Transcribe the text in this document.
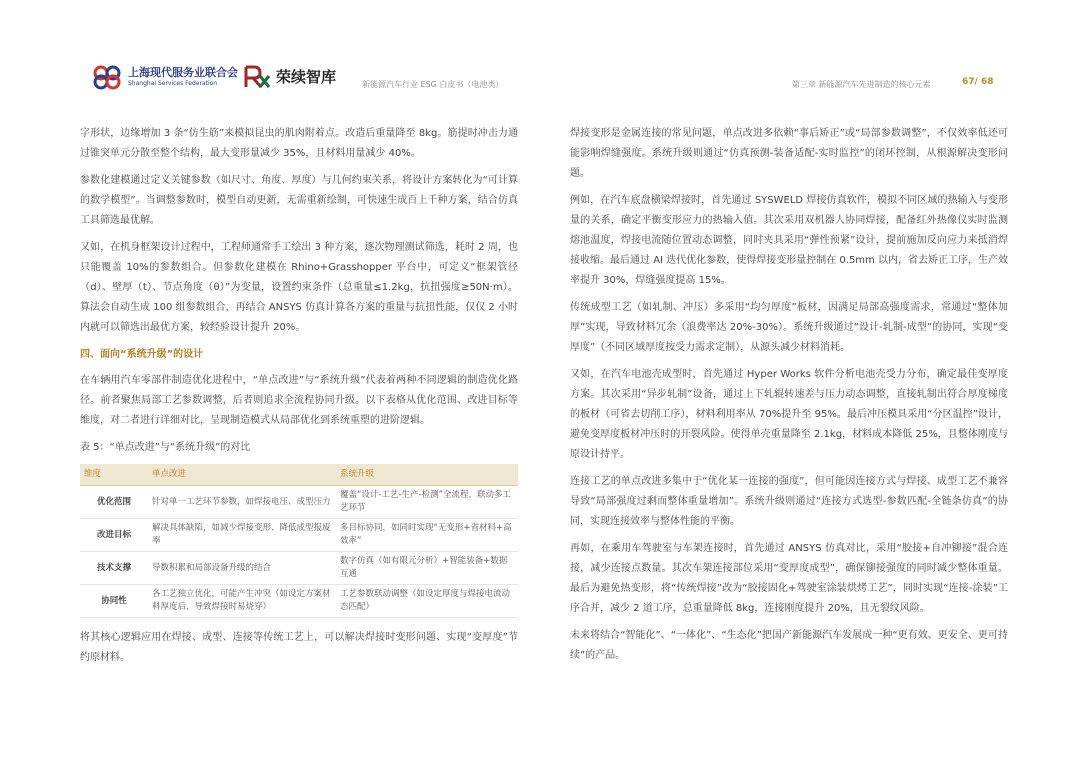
上海现代服务业联合会
Shanghai Services Federation	荣续智库	新能源汽车行业 ESG 白皮书（电池类）	第三章 新能源汽车先进制造的核心元素	67/ 68

字形状，边缘增加 3 条“仿生筋”来模拟昆虫的肌肉附着点。改造后重量降至 8kg。筋提时冲击力通过锥突单元分散至整个结构，最大变形量减少 35%，且材料用量减少 40%。

参数化建模通过定义关键参数（如尺寸、角度、厚度）与几何约束关系，将设计方案转化为“可计算的数学模型”。当调整参数时，模型自动更新，无需重新绘制，可快速生成百上千种方案，结合仿真工具筛选最优解。

又如，在机身框架设计过程中，工程师通常手工绘出 3 种方案，逐次物理测试筛选，耗时 2 周，也只能覆盖 10%的参数组合。但参数化建模在 Rhino+Grasshopper 平台中，可定义“框架管径（d）、壁厚（t）、节点角度（θ）”为变量，设置约束条件（总重量≤1.2kg，抗扭强度≥50N·m）。算法会自动生成 100 组参数组合，再结合 ANSYS 仿真计算各方案的重量与抗扭性能，仅仅 2 小时内就可以筛选出最优方案，较经验设计提升 20%。

四、面向“系统升级”的设计

在车辆用汽车零部件制造优化进程中，“单点改进”与“系统升级”代表着两种不同逻辑的制造优化路径。前者聚焦局部工艺参数调整，后者则追求全流程协同升级。以下表格从优化范围、改进目标等维度，对二者进行详细对比，呈现制造模式从局部优化到系统重塑的进阶逻辑。

表 5：“单点改进”与“系统升级”的对比

维度	单点改进	系统升级
优化范围	针对单一工艺环节参数，如焊接电压、成型压力	覆盖“设计-工艺-生产-检测”全流程，联动多工艺环节
改进目标	解决具体缺陷，如减少焊接变形、降低成型报废率	多目标协同，如同时实现“无变形+省材料+高效率”
技术支撑	导数积累和局部设备升级的结合	数字仿真（如有限元分析）+智能装备+数据互通
协同性	各工艺独立优化，可能产生冲突（如设定方案材料厚度后，导致焊接时易烧穿）	工艺参数联动调整（如设定厚度与焊接电流动态匹配）

将其核心逻辑应用在焊接、成型、连接等传统工艺上，可以解决焊接时变形问题、实现“变厚度”节约原材料。

焊接变形是金属连接的常见问题，单点改进多依赖“事后矫正”或“局部参数调整”，不仅效率低还可能影响焊缝强度。系统升级则通过“仿真预测-装备适配-实时监控”的闭环控制，从根源解决变形问题。

例如，在汽车底盘横梁焊接时，首先通过 SYSWELD 焊接仿真软件，模拟不同区域的热输入与变形量的关系，确定平衡变形应力的热输入值。其次采用双机器人协同焊接，配备红外热像仪实时监测熔池温度，焊接电流随位置动态调整，同时夹具采用“弹性预紧”设计，提前施加反向应力来抵消焊接收缩。最后通过 AI 迭代优化参数，使得焊接变形量控制在 0.5mm 以内，省去矫正工序，生产效率提升 30%，焊缝强度提高 15%。

传统成型工艺（如轧制、冲压）多采用“均匀厚度”板材，因满足局部高强度需求，常通过“整体加厚”实现，导致材料冗余（浪费率达 20%-30%）。系统升级通过“设计-轧制-成型”的协同，实现“变厚度”（不同区域厚度按受力需求定制），从源头减少材料消耗。

又如，在汽车电池壳成型时，首先通过 Hyper Works 软件分析电池壳受力分布，确定最佳变厚度方案。其次采用“异步轧制”设备，通过上下轧辊转速差与压力动态调整，直接轧制出符合厚度梯度的板材（可省去切削工序），材料利用率从 70%提升至 95%。最后冲压模具采用“分区温控”设计，避免变厚度板材冲压时的开裂风险。使得单壳重量降至 2.1kg，材料成本降低 25%，且整体刚度与原设计持平。

连接工艺的单点改进多集中于“优化某一连接的强度”，但可能因连接方式与焊接、成型工艺不兼容导致“局部强度过剩而整体重量增加”。系统升级则通过“连接方式选型-参数匹配-全链条仿真”的协同，实现连接效率与整体性能的平衡。

再如，在乘用车驾驶室与车架连接时，首先通过 ANSYS 仿真对比，采用“胶接+自冲铆接”混合连接，减少连接点数量。其次车架连接部位采用“变厚度成型”，确保铆接强度的同时减少整体重量。最后为避免热变形，将“传统焊接”改为“胶接固化+驾驶室涂装烘烤工艺”，同时实现“连接-涂装”工序合并，减少 2 道工序，总重量降低 8kg，连接刚度提升 20%，且无裂纹风险。

未来将结合“智能化”、“一体化”、“生态化”把国产新能源汽车发展成一种“更有效、更安全、更可持续”的产品。
